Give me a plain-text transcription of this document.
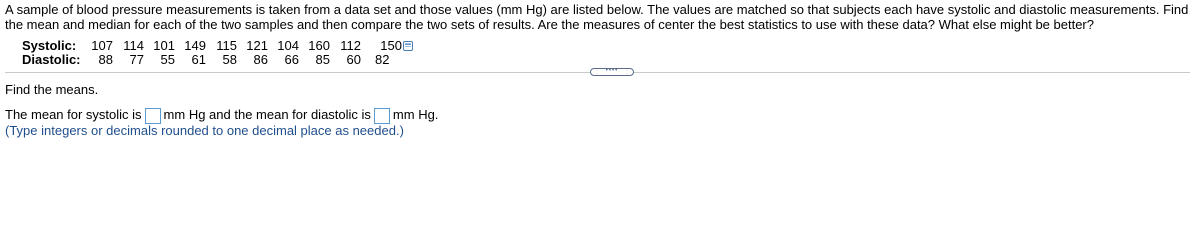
A sample of blood pressure measurements is taken from a data set and those values (mm Hg) are listed below. The values are matched so that subjects each have systolic and diastolic measurements. Find the mean and median for each of the two samples and then compare the two sets of results. Are the measures of center the best statistics to use with these data? What else might be better?
Systolic:	107	114	101	149	115	121	104	160	112	150
Diastolic:	88	77	55	61	58	86	66	85	60	82
••••
Find the means.
The mean for systolic is mm Hg and the mean for diastolic is mm Hg.
(Type integers or decimals rounded to one decimal place as needed.)
